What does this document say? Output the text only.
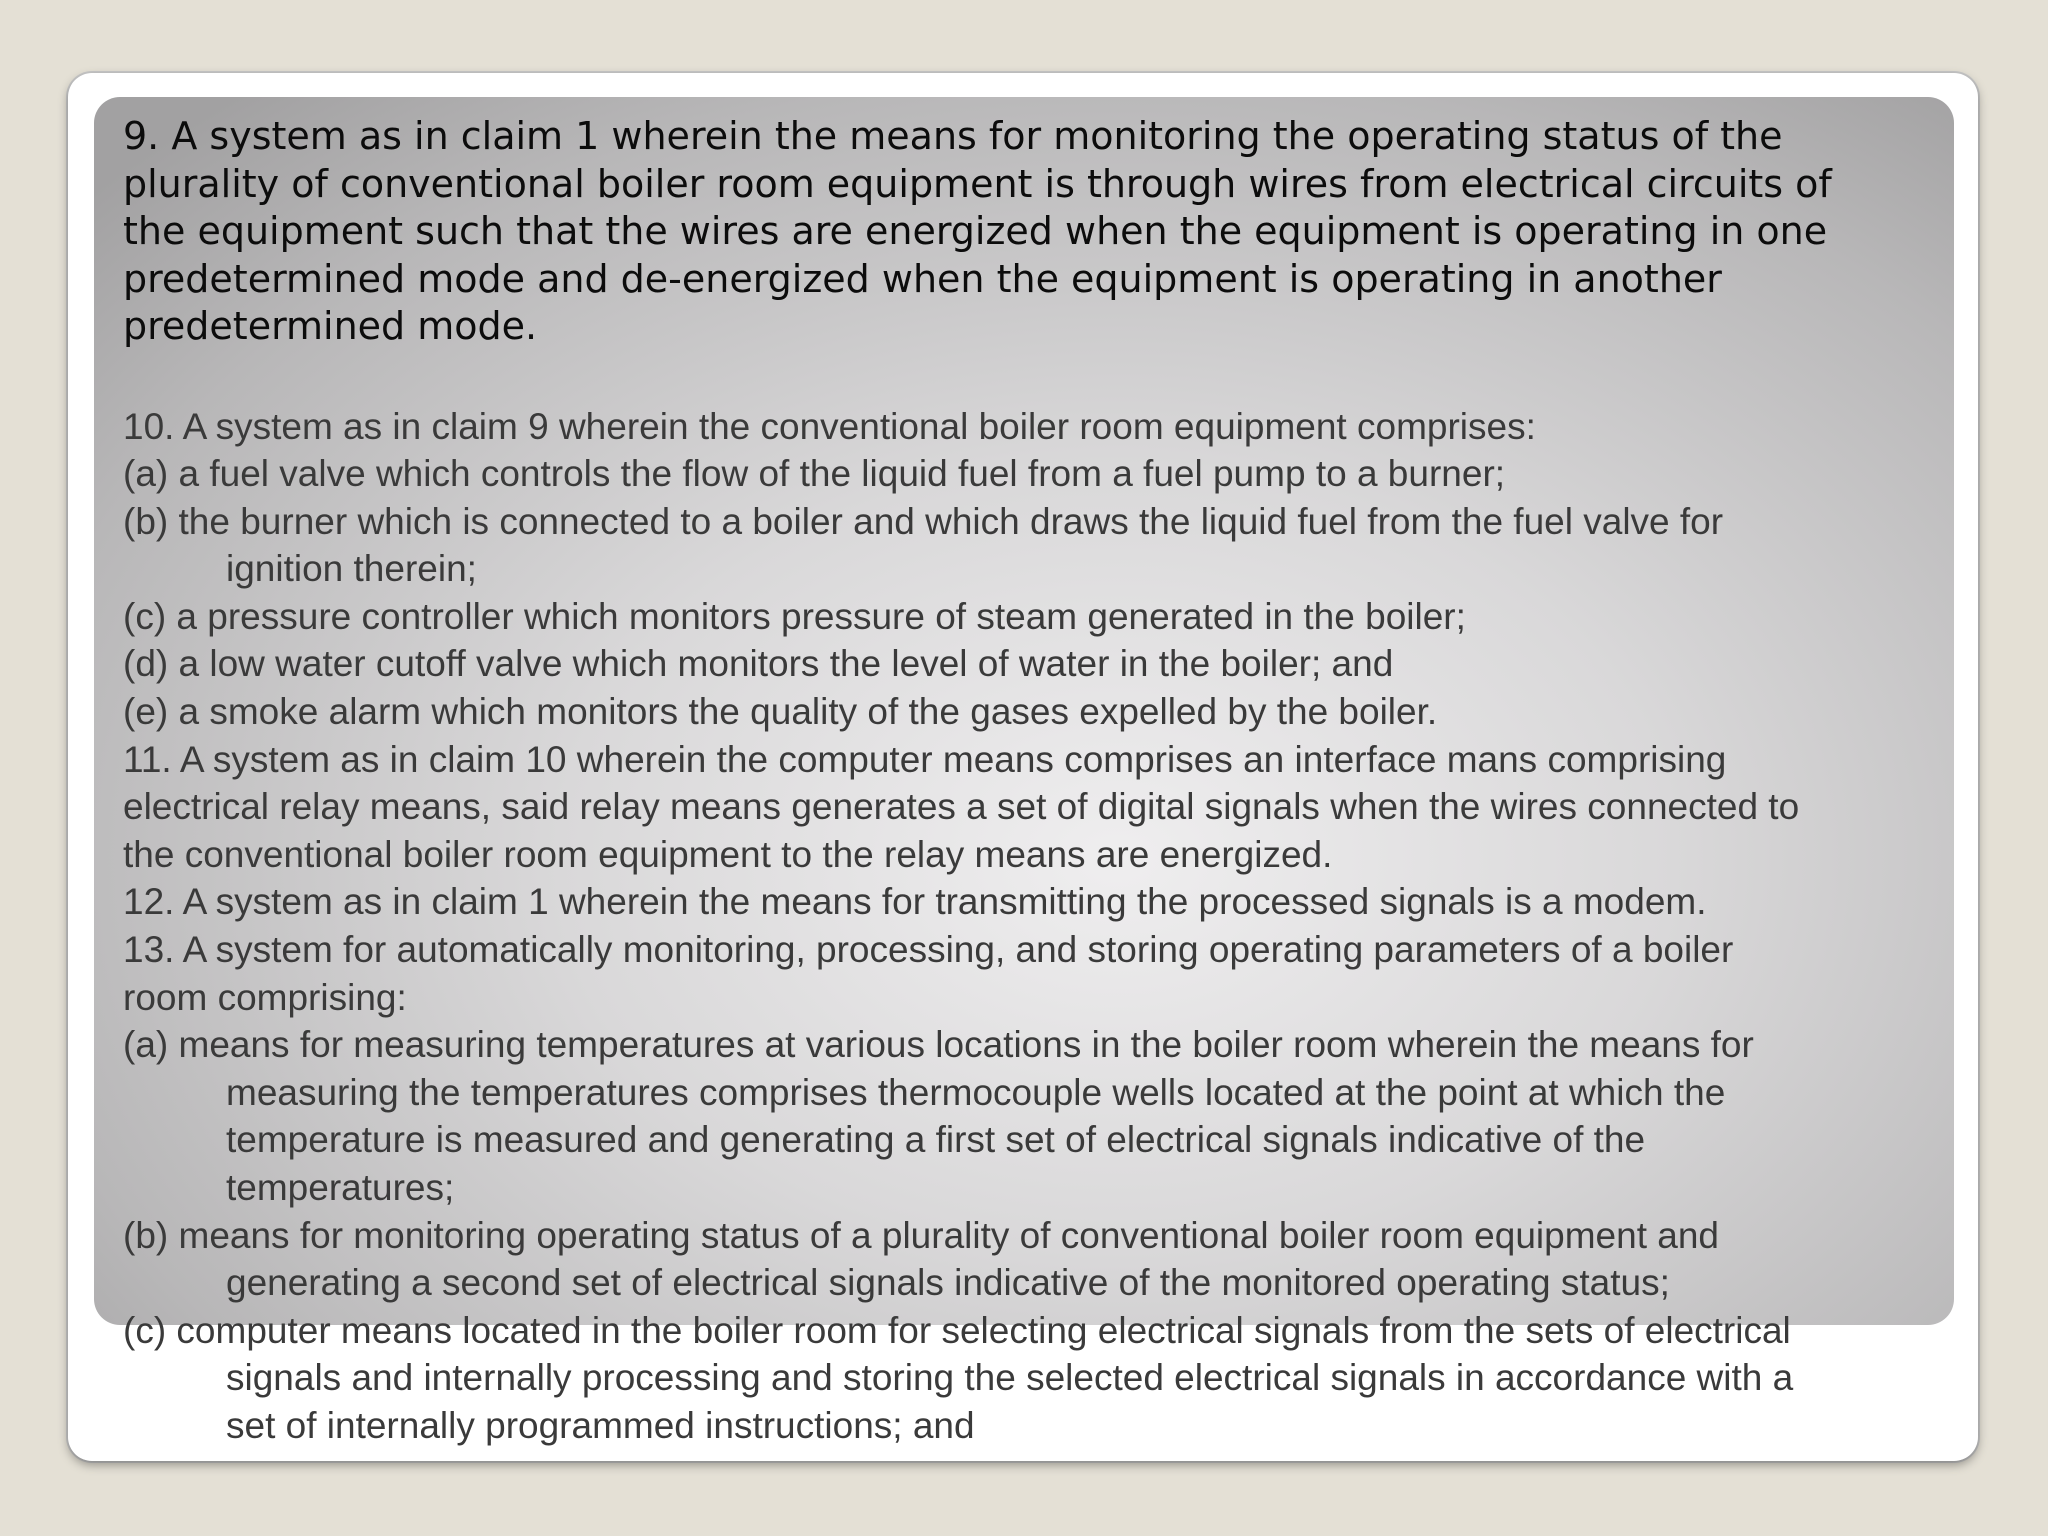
9. A system as in claim 1 wherein the means for monitoring the operating status of the
plurality of conventional boiler room equipment is through wires from electrical circuits of
the equipment such that the wires are energized when the equipment is operating in one
predetermined mode and de-energized when the equipment is operating in another
predetermined mode.

10. A system as in claim 9 wherein the conventional boiler room equipment comprises:

(a) a fuel valve which controls the flow of the liquid fuel from a fuel pump to a burner;

(b) the burner which is connected to a boiler and which draws the liquid fuel from the fuel valve for

ignition therein;

(c) a pressure controller which monitors pressure of steam generated in the boiler;

(d) a low water cutoff valve which monitors the level of water in the boiler; and

(e) a smoke alarm which monitors the quality of the gases expelled by the boiler.

11. A system as in claim 10 wherein the computer means comprises an interface mans comprising

electrical relay means, said relay means generates a set of digital signals when the wires connected to

the conventional boiler room equipment to the relay means are energized.

12. A system as in claim 1 wherein the means for transmitting the processed signals is a modem.

13. A system for automatically monitoring, processing, and storing operating parameters of a boiler

room comprising:

(a) means for measuring temperatures at various locations in the boiler room wherein the means for

measuring the temperatures comprises thermocouple wells located at the point at which the

temperature is measured and generating a first set of electrical signals indicative of the

temperatures;

(b) means for monitoring operating status of a plurality of conventional boiler room equipment and

generating a second set of electrical signals indicative of the monitored operating status;

(c) computer means located in the boiler room for selecting electrical signals from the sets of electrical

signals and internally processing and storing the selected electrical signals in accordance with a

set of internally programmed instructions; and
